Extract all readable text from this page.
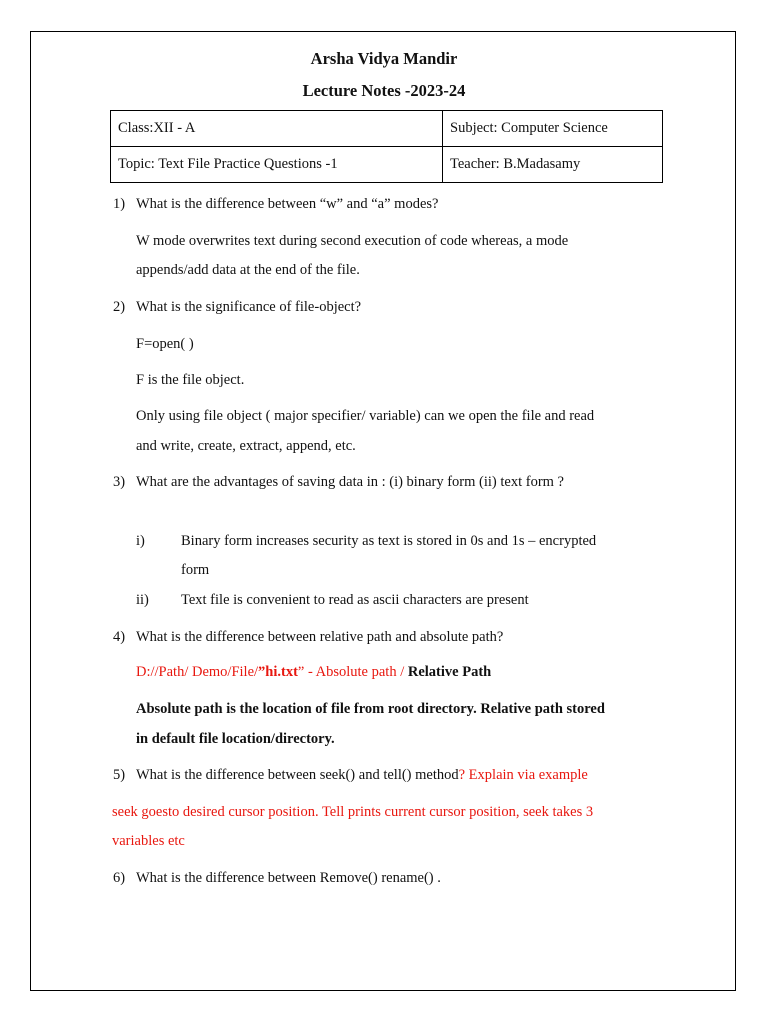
Arsha Vidya Mandir
Lecture Notes -2023-24
Class:XII - A	Subject: Computer Science
Topic: Text File Practice Questions -1	Teacher: B.Madasamy
1) What is the difference between “w” and “a” modes?
W mode overwrites text during second execution of code whereas, a mode
appends/add data at the end of the file.
2) What is the significance of file-object?
F=open( )
F is the file object.
Only using file object ( major specifier/ variable) can we open the file and read
and write, create, extract, append, etc.
3) What are the advantages of saving data in : (i) binary form (ii) text form ?
i) Binary form increases security as text is stored in 0s and 1s – encrypted
form
ii) Text file is convenient to read as ascii characters are present
4) What is the difference between relative path and absolute path?
D://Path/ Demo/File/”hi.txt” - Absolute path / Relative Path
Absolute path is the location of file from root directory. Relative path stored
in default file location/directory.
5) What is the difference between seek() and tell() method? Explain via example
seek goesto desired cursor position. Tell prints current cursor position, seek takes 3
variables etc
6) What is the difference between Remove() rename() .
